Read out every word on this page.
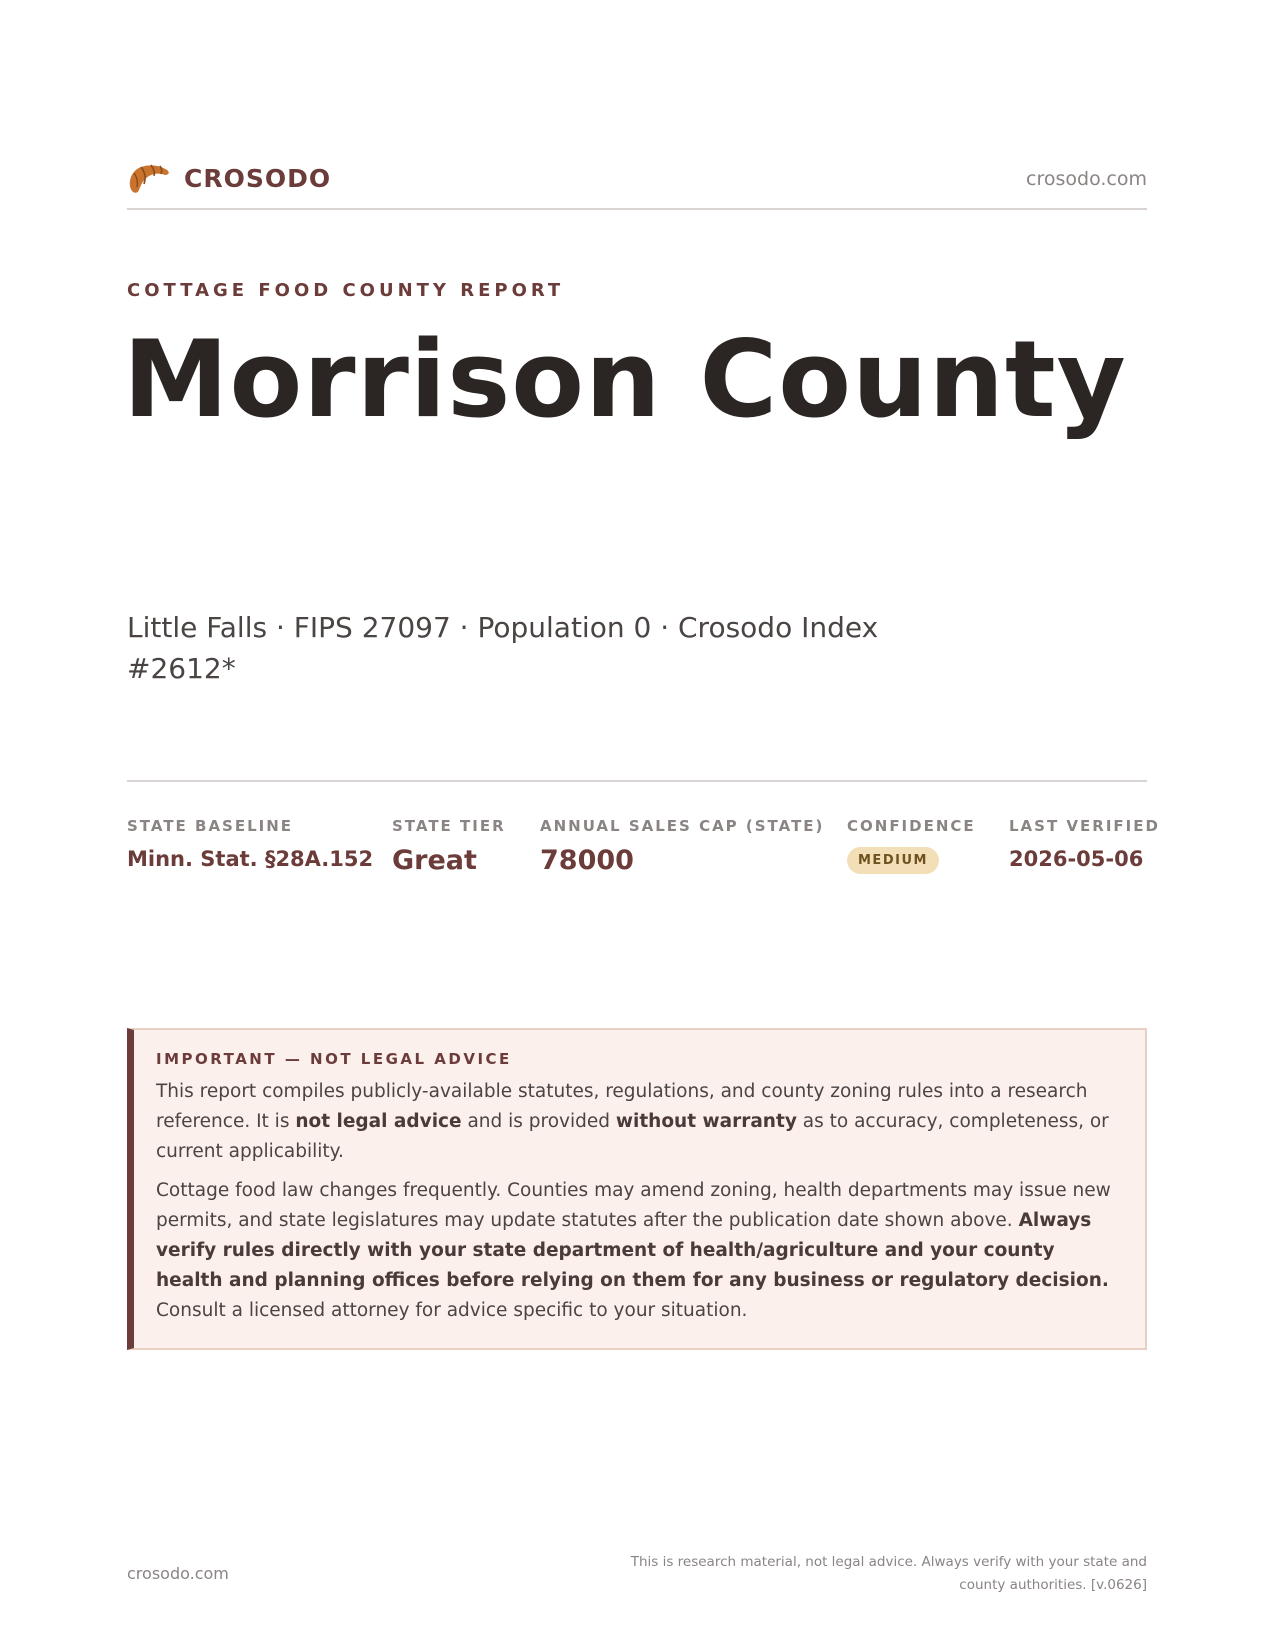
CROSODO	crosodo.com
COTTAGE FOOD COUNTY REPORT
Morrison County
Little Falls · FIPS 27097 · Population 0 · Crosodo Index #2612*
STATE BASELINE
Minn. Stat. §28A.152
STATE TIER
Great
ANNUAL SALES CAP (STATE)
78000
CONFIDENCE
MEDIUM
LAST VERIFIED
2026-05-06
IMPORTANT — NOT LEGAL ADVICE

This report compiles publicly-available statutes, regulations, and county zoning rules into a research reference. It is not legal advice and is provided without warranty as to accuracy, completeness, or current applicability.

Cottage food law changes frequently. Counties may amend zoning, health departments may issue new permits, and state legislatures may update statutes after the publication date shown above. Always verify rules directly with your state department of health/agriculture and your county health and planning offices before relying on them for any business or regulatory decision. Consult a licensed attorney for advice specific to your situation.

crosodo.com
This is research material, not legal advice. Always verify with your state and county authorities. [v.0626]
